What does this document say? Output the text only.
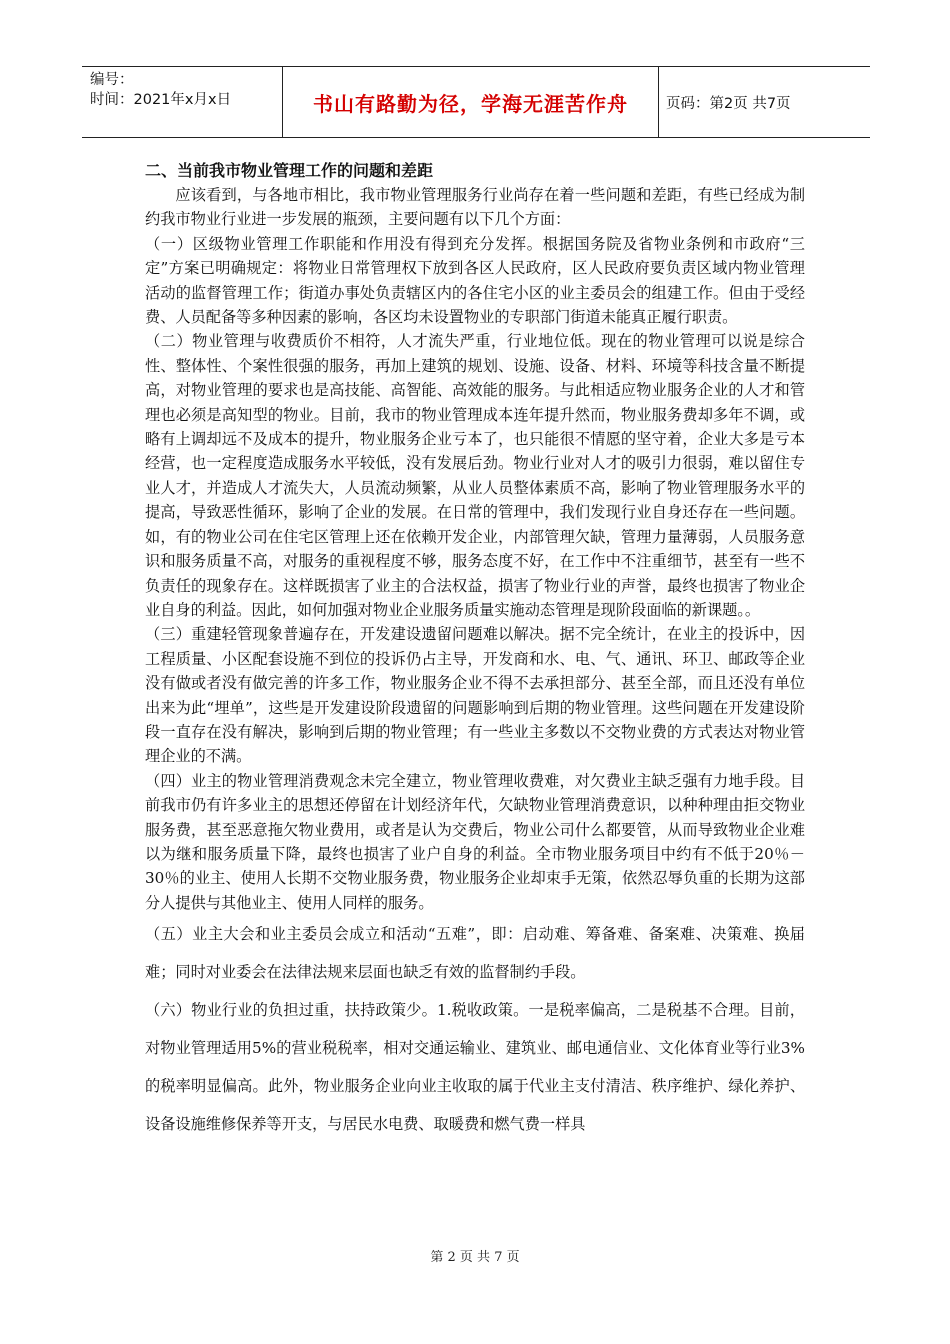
编号：
时间：2021年x月x日	书山有路勤为径，学海无涯苦作舟	页码：第2页 共7页

二、当前我市物业管理工作的问题和差距

应该看到，与各地市相比，我市物业管理服务行业尚存在着一些问题和差距，有些已经成为制约我市物业行业进一步发展的瓶颈，主要问题有以下几个方面：

（一）区级物业管理工作职能和作用没有得到充分发挥。根据国务院及省物业条例和市政府“三定”方案已明确规定：将物业日常管理权下放到各区人民政府，区人民政府要负责区域内物业管理活动的监督管理工作；街道办事处负责辖区内的各住宅小区的业主委员会的组建工作。但由于受经费、人员配备等多种因素的影响，各区均未设置物业的专职部门街道未能真正履行职责。

（二）物业管理与收费质价不相符，人才流失严重，行业地位低。现在的物业管理可以说是综合性、整体性、个案性很强的服务，再加上建筑的规划、设施、设备、材料、环境等科技含量不断提高，对物业管理的要求也是高技能、高智能、高效能的服务。与此相适应物业服务企业的人才和管理也必须是高知型的物业。目前，我市的物业管理成本连年提升然而，物业服务费却多年不调，或略有上调却远不及成本的提升，物业服务企业亏本了，也只能很不情愿的坚守着，企业大多是亏本经营，也一定程度造成服务水平较低，没有发展后劲。物业行业对人才的吸引力很弱，难以留住专业人才，并造成人才流失大，人员流动频繁，从业人员整体素质不高，影响了物业管理服务水平的提高，导致恶性循环，影响了企业的发展。在日常的管理中，我们发现行业自身还存在一些问题。如，有的物业公司在住宅区管理上还在依赖开发企业，内部管理欠缺，管理力量薄弱，人员服务意识和服务质量不高，对服务的重视程度不够，服务态度不好，在工作中不注重细节，甚至有一些不负责任的现象存在。这样既损害了业主的合法权益，损害了物业行业的声誉，最终也损害了物业企业自身的利益。因此，如何加强对物业企业服务质量实施动态管理是现阶段面临的新课题。。

（三）重建轻管现象普遍存在，开发建设遗留问题难以解决。据不完全统计，在业主的投诉中，因工程质量、小区配套设施不到位的投诉仍占主导，开发商和水、电、气、通讯、环卫、邮政等企业没有做或者没有做完善的许多工作，物业服务企业不得不去承担部分、甚至全部，而且还没有单位出来为此“埋单”，这些是开发建设阶段遗留的问题影响到后期的物业管理。这些问题在开发建设阶段一直存在没有解决，影响到后期的物业管理；有一些业主多数以不交物业费的方式表达对物业管理企业的不满。

（四）业主的物业管理消费观念未完全建立，物业管理收费难，对欠费业主缺乏强有力地手段。目前我市仍有许多业主的思想还停留在计划经济年代，欠缺物业管理消费意识，以种种理由拒交物业服务费，甚至恶意拖欠物业费用，或者是认为交费后，物业公司什么都要管，从而导致物业企业难以为继和服务质量下降，最终也损害了业户自身的利益。全市物业服务项目中约有不低于20％－30％的业主、使用人长期不交物业服务费，物业服务企业却束手无策，依然忍辱负重的长期为这部分人提供与其他业主、使用人同样的服务。

（五）业主大会和业主委员会成立和活动“五难”，即：启动难、筹备难、备案难、决策难、换届难；同时对业委会在法律法规来层面也缺乏有效的监督制约手段。

（六）物业行业的负担过重，扶持政策少。1.税收政策。一是税率偏高，二是税基不合理。目前，对物业管理适用5%的营业税税率，相对交通运输业、建筑业、邮电通信业、文化体育业等行业3%的税率明显偏高。此外，物业服务企业向业主收取的属于代业主支付清洁、秩序维护、绿化养护、设备设施维修保养等开支，与居民水电费、取暖费和燃气费一样具

第 2 页 共 7 页
